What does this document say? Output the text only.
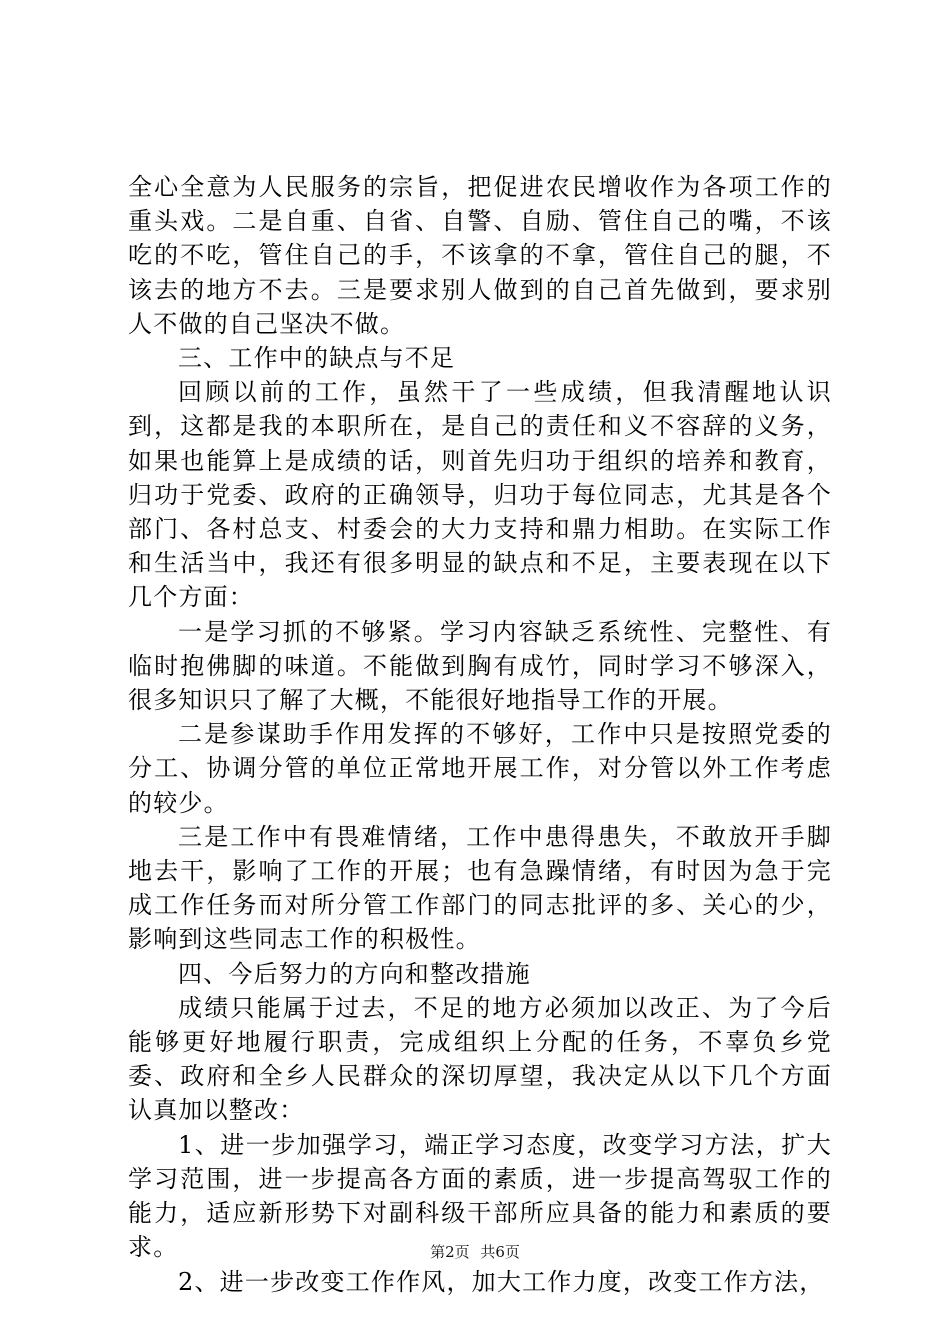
全心全意为人民服务的宗旨，把促进农民增收作为各项工作的重头戏。二是自重、自省、自警、自励、管住自己的嘴，不该吃的不吃，管住自己的手，不该拿的不拿，管住自己的腿，不该去的地方不去。三是要求别人做到的自己首先做到，要求别人不做的自己坚决不做。

三、工作中的缺点与不足

回顾以前的工作，虽然干了一些成绩，但我清醒地认识到，这都是我的本职所在，是自己的责任和义不容辞的义务，如果也能算上是成绩的话，则首先归功于组织的培养和教育，归功于党委、政府的正确领导，归功于每位同志，尤其是各个部门、各村总支、村委会的大力支持和鼎力相助。在实际工作和生活当中，我还有很多明显的缺点和不足，主要表现在以下几个方面：

一是学习抓的不够紧。学习内容缺乏系统性、完整性、有临时抱佛脚的味道。不能做到胸有成竹，同时学习不够深入，很多知识只了解了大概，不能很好地指导工作的开展。

二是参谋助手作用发挥的不够好，工作中只是按照党委的分工、协调分管的单位正常地开展工作，对分管以外工作考虑的较少。

三是工作中有畏难情绪，工作中患得患失，不敢放开手脚地去干，影响了工作的开展；也有急躁情绪，有时因为急于完成工作任务而对所分管工作部门的同志批评的多、关心的少，影响到这些同志工作的积极性。

四、今后努力的方向和整改措施

成绩只能属于过去，不足的地方必须加以改正、为了今后能够更好地履行职责，完成组织上分配的任务，不辜负乡党委、政府和全乡人民群众的深切厚望，我决定从以下几个方面认真加以整改：

1、进一步加强学习，端正学习态度，改变学习方法，扩大学习范围，进一步提高各方面的素质，进一步提高驾驭工作的能力，适应新形势下对副科级干部所应具备的能力和素质的要求。

2、进一步改变工作作风，加大工作力度，改变工作方法，

第2页 共6页
